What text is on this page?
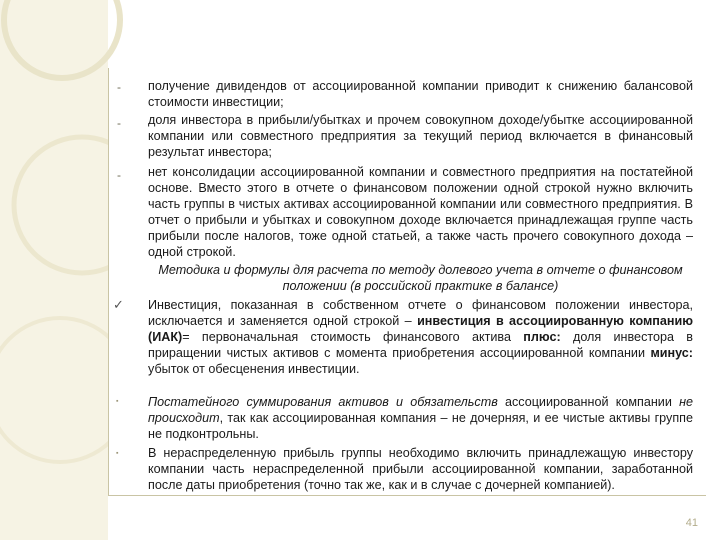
- получение дивидендов от ассоциированной компании приводит к снижению балансовой стоимости инвестиции;

- доля инвестора в прибыли/убытках и прочем совокупном доходе/убытке ассоциированной компании или совместного предприятия за текущий период включается в финансовый результат инвестора;

- нет консолидации ассоциированной компании и совместного предприятия на постатейной основе. Вместо этого в отчете о финансовом положении одной строкой нужно включить часть группы в чистых активах ассоциированной компании или совместного предприятия. В отчет о прибыли и убытках и совокупном доходе включается принадлежащая группе часть прибыли после налогов, тоже одной статьей, а также часть прочего совокупного дохода – одной строкой.

Методика и формулы для расчета по методу долевого учета в отчете о финансовом положении (в российской практике в балансе)

✓ Инвестиция, показанная в собственном отчете о финансовом положении инвестора, исключается и заменяется одной строкой – инвестиция в ассоциированную компанию (ИАК)= первоначальная стоимость финансового актива плюс: доля инвестора в приращении чистых активов с момента приобретения ассоциированной компании минус: убыток от обесценения инвестиции.

▪ Постатейного суммирования активов и обязательств ассоциированной компании не происходит, так как ассоциированная компания – не дочерняя, и ее чистые активы группе не подконтрольны.

▪ В нераспределенную прибыль группы необходимо включить принадлежащую инвестору компании часть нераспределенной прибыли ассоциированной компании, заработанной после даты приобретения (точно так же, как и в случае с дочерней компанией).

41
